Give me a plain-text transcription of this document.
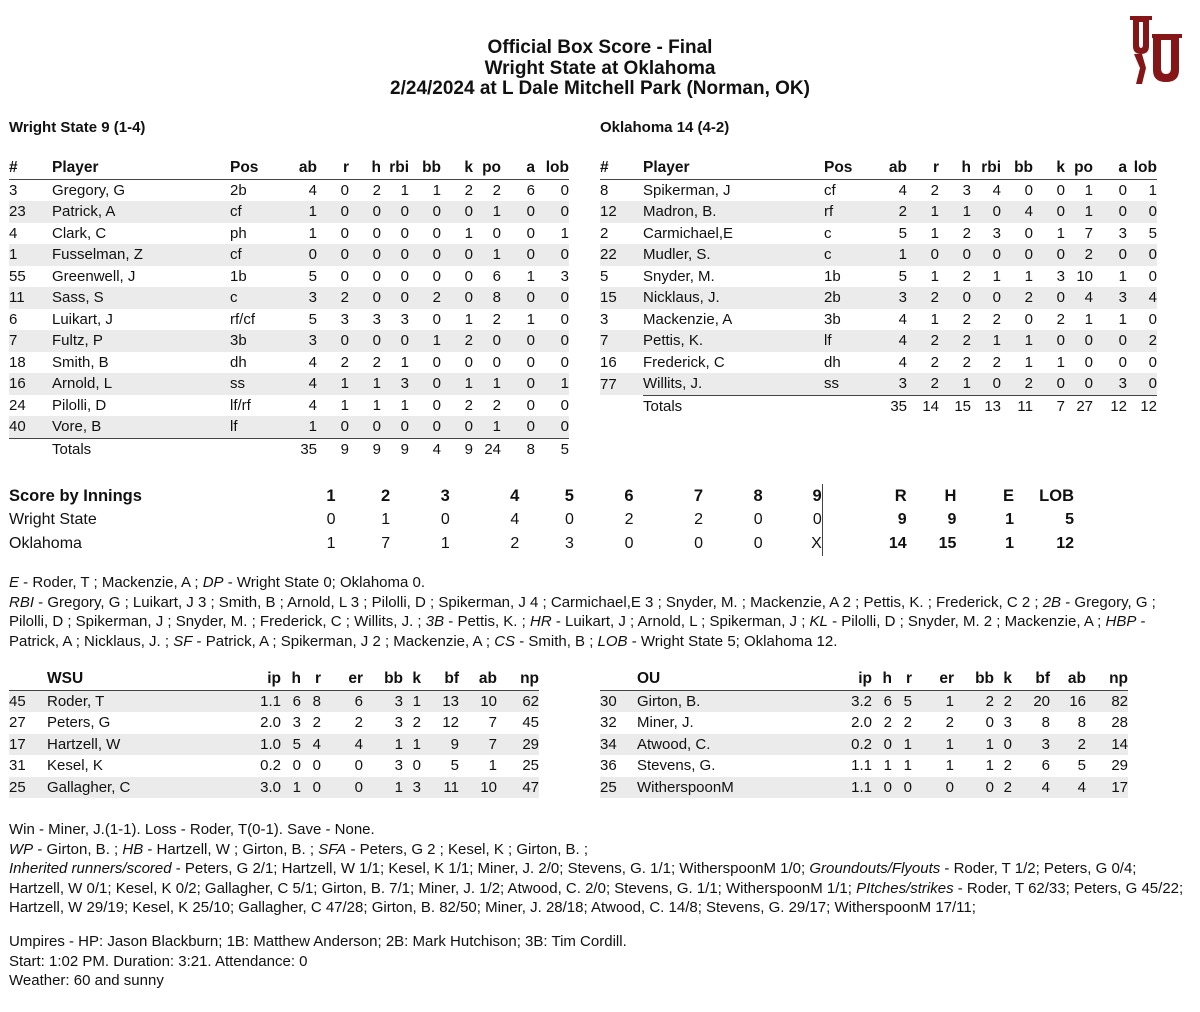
Official Box Score - Final
Wright State at Oklahoma
2/24/2024 at L Dale Mitchell Park (Norman, OK)
Wright State 9 (1-4)
#	Player	Pos	ab	r	h	rbi	bb	k	po	a	lob
3	Gregory, G	2b	4	0	2	1	1	2	2	6	0
23	Patrick, A	cf	1	0	0	0	0	0	1	0	0
4	Clark, C	ph	1	0	0	0	0	1	0	0	1
1	Fusselman, Z	cf	0	0	0	0	0	0	1	0	0
55	Greenwell, J	1b	5	0	0	0	0	0	6	1	3
11	Sass, S	c	3	2	0	0	2	0	8	0	0
6	Luikart, J	rf/cf	5	3	3	3	0	1	2	1	0
7	Fultz, P	3b	3	0	0	0	1	2	0	0	0
18	Smith, B	dh	4	2	2	1	0	0	0	0	0
16	Arnold, L	ss	4	1	1	3	0	1	1	0	1
24	Pilolli, D	lf/rf	4	1	1	1	0	2	2	0	0
40	Vore, B	lf	1	0	0	0	0	0	1	0	0
	Totals		35	9	9	9	4	9	24	8	5
Oklahoma 14 (4-2)
#	Player	Pos	ab	r	h	rbi	bb	k	po	a	lob
8	Spikerman, J	cf	4	2	3	4	0	0	1	0	1
12	Madron, B.	rf	2	1	1	0	4	0	1	0	0
2	Carmichael,E	c	5	1	2	3	0	1	7	3	5
22	Mudler, S.	c	1	0	0	0	0	0	2	0	0
5	Snyder, M.	1b	5	1	2	1	1	3	10	1	0
15	Nicklaus, J.	2b	3	2	0	0	2	0	4	3	4
3	Mackenzie, A	3b	4	1	2	2	0	2	1	1	0
7	Pettis, K.	lf	4	2	2	1	1	0	0	0	2
16	Frederick, C	dh	4	2	2	2	1	1	0	0	0
77	Willits, J.	ss	3	2	1	0	2	0	0	3	0
	Totals		35	14	15	13	11	7	27	12	12
Score by Innings	1	2	3	4	5	6	7	8	9	R	H	E	LOB
Wright State	0	1	0	4	0	2	2	0	0	9	9	1	5
Oklahoma	1	7	1	2	3	0	0	0	X	14	15	1	12
E - Roder, T ; Mackenzie, A ; DP - Wright State 0; Oklahoma 0.
RBI - Gregory, G ; Luikart, J 3 ; Smith, B ; Arnold, L 3 ; Pilolli, D ; Spikerman, J 4 ; Carmichael,E 3 ; Snyder, M. ; Mackenzie, A 2 ; Pettis, K. ; Frederick, C 2 ; 2B - Gregory, G ; Pilolli, D ; Spikerman, J ; Snyder, M. ; Frederick, C ; Willits, J. ; 3B - Pettis, K. ; HR - Luikart, J ; Arnold, L ; Spikerman, J ; KL - Pilolli, D ; Snyder, M. 2 ; Mackenzie, A ; HBP - Patrick, A ; Nicklaus, J. ; SF - Patrick, A ; Spikerman, J 2 ; Mackenzie, A ; CS - Smith, B ; LOB - Wright State 5; Oklahoma 12.
	WSU	ip	h	r	er	bb	k	bf	ab	np
45	Roder, T	1.1	6	8	6	3	1	13	10	62
27	Peters, G	2.0	3	2	2	3	2	12	7	45
17	Hartzell, W	1.0	5	4	4	1	1	9	7	29
31	Kesel, K	0.2	0	0	0	3	0	5	1	25
25	Gallagher, C	3.0	1	0	0	1	3	11	10	47
	OU	ip	h	r	er	bb	k	bf	ab	np
30	Girton, B.	3.2	6	5	1	2	2	20	16	82
32	Miner, J.	2.0	2	2	2	0	3	8	8	28
34	Atwood, C.	0.2	0	1	1	1	0	3	2	14
36	Stevens, G.	1.1	1	1	1	1	2	6	5	29
25	WitherspoonM	1.1	0	0	0	0	2	4	4	17
Win - Miner, J.(1-1). Loss - Roder, T(0-1). Save - None.
WP - Girton, B. ; HB - Hartzell, W ; Girton, B. ; SFA - Peters, G 2 ; Kesel, K ; Girton, B. ;
Inherited runners/scored - Peters, G 2/1; Hartzell, W 1/1; Kesel, K 1/1; Miner, J. 2/0; Stevens, G. 1/1; WitherspoonM 1/0; Groundouts/Flyouts - Roder, T 1/2; Peters, G 0/4; Hartzell, W 0/1; Kesel, K 0/2; Gallagher, C 5/1; Girton, B. 7/1; Miner, J. 1/2; Atwood, C. 2/0; Stevens, G. 1/1; WitherspoonM 1/1; PItches/strikes - Roder, T 62/33; Peters, G 45/22; Hartzell, W 29/19; Kesel, K 25/10; Gallagher, C 47/28; Girton, B. 82/50; Miner, J. 28/18; Atwood, C. 14/8; Stevens, G. 29/17; WitherspoonM 17/11;
Umpires - HP: Jason Blackburn; 1B: Matthew Anderson; 2B: Mark Hutchison; 3B: Tim Cordill.
Start: 1:02 PM. Duration: 3:21. Attendance: 0
Weather: 60 and sunny
